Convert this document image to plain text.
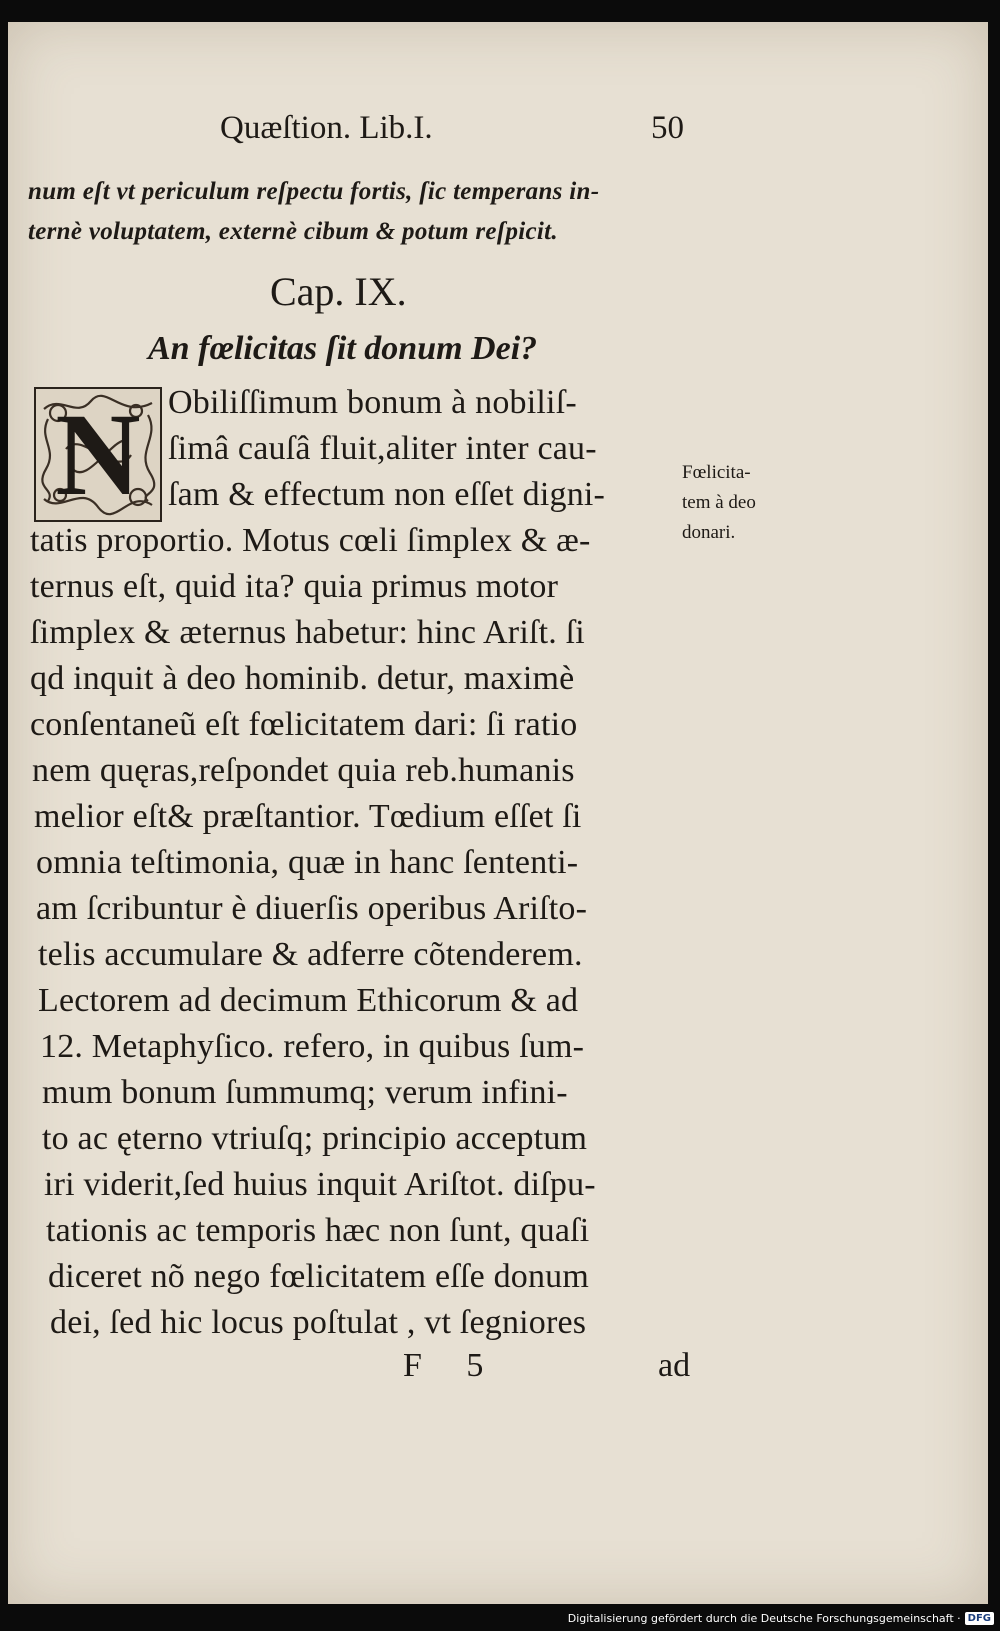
Quæſtion. Lib.I.	50
num eſt vt periculum reſpectu fortis, ſic temperans in-
ternè voluptatem, externè cibum & potum reſpicit.
Cap. IX.
An fœlicitas ſit donum Dei?
N Obiliſſimum bonum à nobiliſ-
ſimâ cauſâ fluit,aliter inter cau-
ſam & effectum non eſſet digni-
tatis proportio. Motus cœli ſimplex & æ-
ternus eſt, quid ita? quia primus motor
ſimplex & æternus habetur: hinc Ariſt. ſi
qd inquit à deo hominib. detur, maximè
conſentaneũ eſt fœlicitatem dari: ſi ratio
nem quęras,reſpondet quia reb.humanis
melior eſt& præſtantior. Tœdium eſſet ſi
omnia teſtimonia, quæ in hanc ſententi-
am ſcribuntur è diuerſis operibus Ariſto-
telis accumulare & adferre cõtenderem.
Lectorem ad decimum Ethicorum & ad
12. Metaphyſico. refero, in quibus ſum-
mum bonum ſummumq; verum infini-
to ac ęterno vtriuſq; principio acceptum
iri viderit,ſed huius inquit Ariſtot. diſpu-
tationis ac temporis hæc non ſunt, quaſi
diceret nõ nego fœlicitatem eſſe donum
dei, ſed hic locus poſtulat , vt ſegniores
Fœlicita-
tem à deo
donari.
F 5	ad
Digitalisierung gefördert durch die Deutsche Forschungsgemeinschaft · DFG
